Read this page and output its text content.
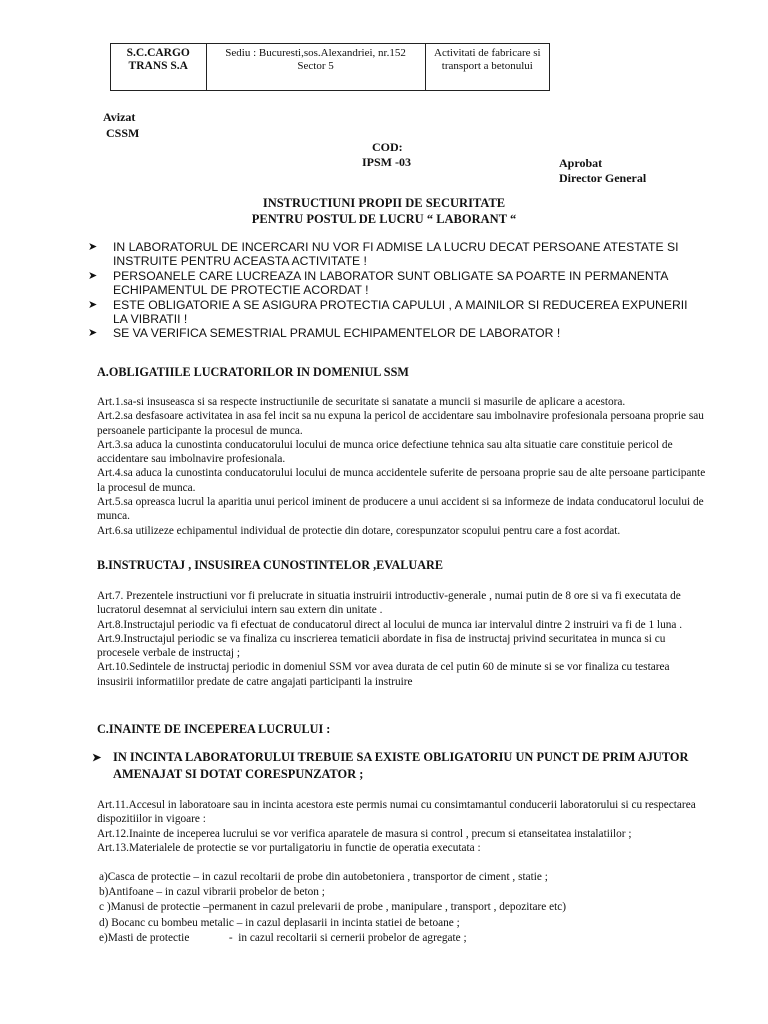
S.C.CARGO TRANS S.A	Sediu : Bucuresti,sos.Alexandriei, nr.152 Sector 5	Activitati de fabricare si transport a betonului
Avizat
CSSM
COD:
IPSM -03	Aprobat
Director General
INSTRUCTIUNI PROPII DE SECURITATE
PENTRU POSTUL DE LUCRU “ LABORANT “
➤ IN LABORATORUL DE INCERCARI NU VOR FI ADMISE LA LUCRU DECAT PERSOANE ATESTATE SI INSTRUITE PENTRU ACEASTA ACTIVITATE !
➤ PERSOANELE CARE LUCREAZA IN LABORATOR SUNT OBLIGATE SA POARTE IN PERMANENTA ECHIPAMENTUL DE PROTECTIE ACORDAT !
➤ ESTE OBLIGATORIE A SE ASIGURA PROTECTIA CAPULUI , A MAINILOR SI REDUCEREA EXPUNERII LA VIBRATII !
➤ SE VA VERIFICA SEMESTRIAL PRAMUL ECHIPAMENTELOR DE LABORATOR !
A.OBLIGATIILE LUCRATORILOR IN DOMENIUL SSM

Art.1.sa-si insuseasca si sa respecte instructiunile de securitate si sanatate a muncii si masurile de aplicare a acestora.

Art.2.sa desfasoare activitatea in asa fel incit sa nu expuna la pericol de accidentare sau imbolnavire profesionala persoana proprie sau persoanele participante la procesul de munca.

Art.3.sa aduca la cunostinta conducatorului locului de munca orice defectiune tehnica sau alta situatie care constituie pericol de accidentare sau imbolnavire profesionala.

Art.4.sa aduca la cunostinta conducatorului locului de munca accidentele suferite de persoana proprie sau de alte persoane participante la procesul de munca.

Art.5.sa opreasca lucrul la aparitia unui pericol iminent de producere a unui accident si sa informeze de indata conducatorul locului de munca.

Art.6.sa utilizeze echipamentul individual de protectie din dotare, corespunzator scopului pentru care a fost acordat.

B.INSTRUCTAJ , INSUSIREA CUNOSTINTELOR ,EVALUARE

Art.7. Prezentele instructiuni vor fi prelucrate in situatia instruirii introductiv-generale , numai putin de 8 ore si va fi executata de lucratorul desemnat al serviciului intern sau extern din unitate .

Art.8.Instructajul periodic va fi efectuat de conducatorul direct al locului de munca iar intervalul dintre 2 instruiri va fi de 1 luna .

Art.9.Instructajul periodic se va finaliza cu inscrierea tematicii abordate in fisa de instructaj privind securitatea in munca si cu procesele verbale de instructaj ;

Art.10.Sedintele de instructaj periodic in domeniul SSM vor avea durata de cel putin 60 de minute si se vor finaliza cu testarea insusirii informatiilor predate de catre angajati participanti la instruire

C.INAINTE DE INCEPEREA LUCRULUI :
➤ IN INCINTA LABORATORULUI TREBUIE SA EXISTE OBLIGATORIU UN PUNCT DE PRIM AJUTOR AMENAJAT SI DOTAT CORESPUNZATOR ;

Art.11.Accesul in laboratoare sau in incinta acestora este permis numai cu consimtamantul conducerii laboratorului si cu respectarea dispozitiilor in vigoare :

Art.12.Inainte de inceperea lucrului se vor verifica aparatele de masura si control , precum si etanseitatea instalatiilor ;

Art.13.Materialele de protectie se vor purtaligatoriu in functie de operatia executata :

a)Casca de protectie – in cazul recoltarii de probe din autobetoniera , transportor de ciment , statie ;

b)Antifoane – in cazul vibrarii probelor de beton ;

c )Manusi de protectie –permanent in cazul prelevarii de probe , manipulare , transport , depozitare etc)

d) Bocanc cu bombeu metalic – in cazul deplasarii in incinta statiei de betoane ;

e)Masti de protectie              -  in cazul recoltarii si cernerii probelor de agregate ;
